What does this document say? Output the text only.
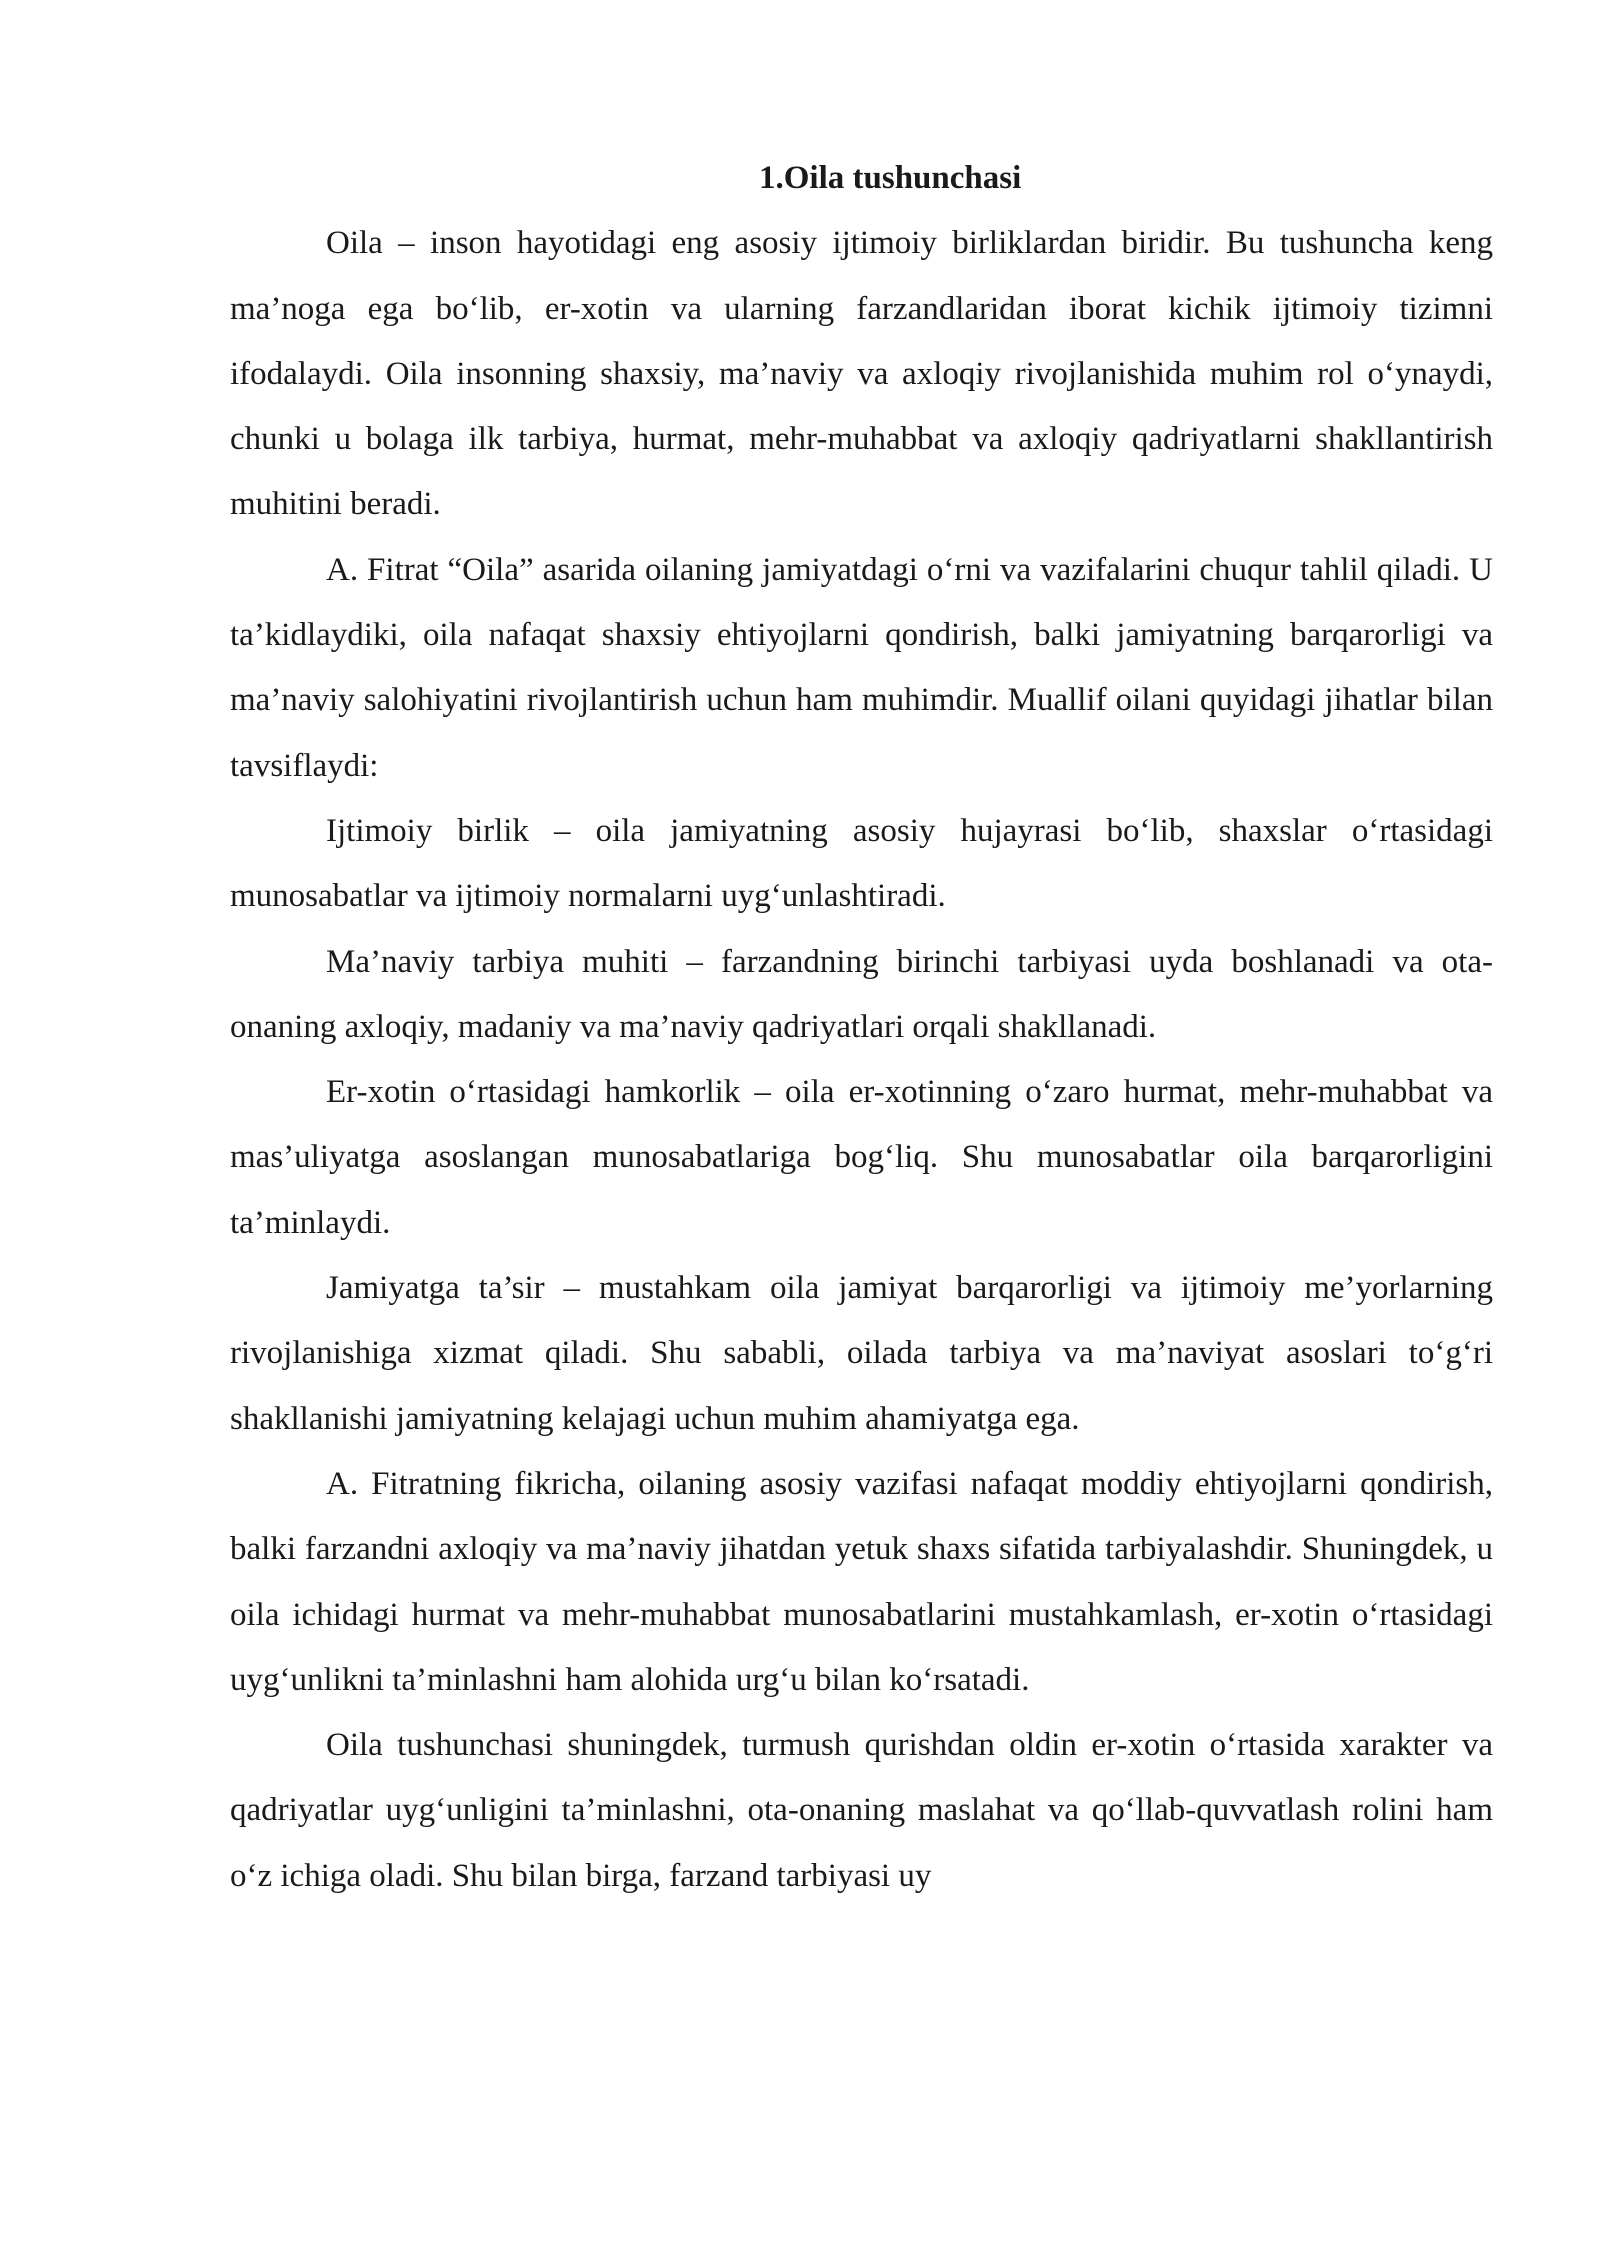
1.Oila tushunchasi

Oila – inson hayotidagi eng asosiy ijtimoiy birliklardan biridir. Bu tushuncha keng ma’noga ega bo‘lib, er-xotin va ularning farzandlaridan iborat kichik ijtimoiy tizimni ifodalaydi. Oila insonning shaxsiy, ma’naviy va axloqiy rivojlanishida muhim rol o‘ynaydi, chunki u bolaga ilk tarbiya, hurmat, mehr-muhabbat va axloqiy qadriyatlarni shakllantirish muhitini beradi.

A. Fitrat “Oila” asarida oilaning jamiyatdagi o‘rni va vazifalarini chuqur tahlil qiladi. U ta’kidlaydiki, oila nafaqat shaxsiy ehtiyojlarni qondirish, balki jamiyatning barqarorligi va ma’naviy salohiyatini rivojlantirish uchun ham muhimdir. Muallif oilani quyidagi jihatlar bilan tavsiflaydi:

Ijtimoiy birlik – oila jamiyatning asosiy hujayrasi bo‘lib, shaxslar o‘rtasidagi munosabatlar va ijtimoiy normalarni uyg‘unlashtiradi.

Ma’naviy tarbiya muhiti – farzandning birinchi tarbiyasi uyda boshlanadi va ota-onaning axloqiy, madaniy va ma’naviy qadriyatlari orqali shakllanadi.

Er-xotin o‘rtasidagi hamkorlik – oila er-xotinning o‘zaro hurmat, mehr-muhabbat va mas’uliyatga asoslangan munosabatlariga bog‘liq. Shu munosabatlar oila barqarorligini ta’minlaydi.

Jamiyatga ta’sir – mustahkam oila jamiyat barqarorligi va ijtimoiy me’yorlarning rivojlanishiga xizmat qiladi. Shu sababli, oilada tarbiya va ma’naviyat asoslari to‘g‘ri shakllanishi jamiyatning kelajagi uchun muhim ahamiyatga ega.

A. Fitratning fikricha, oilaning asosiy vazifasi nafaqat moddiy ehtiyojlarni qondirish, balki farzandni axloqiy va ma’naviy jihatdan yetuk shaxs sifatida tarbiyalashdir. Shuningdek, u oila ichidagi hurmat va mehr-muhabbat munosabatlarini mustahkamlash, er-xotin o‘rtasidagi uyg‘unlikni ta’minlashni ham alohida urg‘u bilan ko‘rsatadi.

Oila tushunchasi shuningdek, turmush qurishdan oldin er-xotin o‘rtasida xarakter va qadriyatlar uyg‘unligini ta’minlashni, ota-onaning maslahat va qo‘llab-quvvatlash rolini ham o‘z ichiga oladi. Shu bilan birga, farzand tarbiyasi uy
